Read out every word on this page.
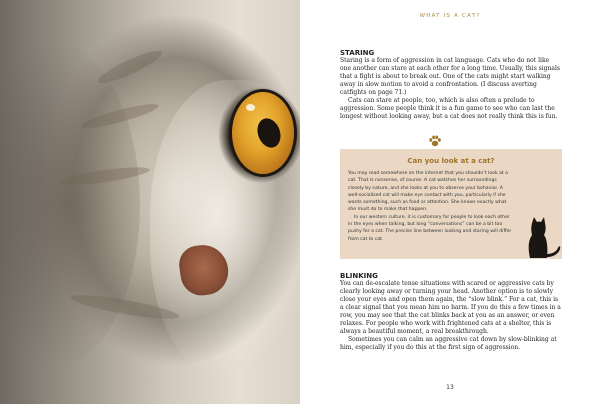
WHAT IS A CAT?
STARING

Staring is a form of aggression in cat language. Cats who do not like one another can stare at each other for a long time. Usually, this signals that a fight is about to break out. One of the cats might start walking away in slow motion to avoid a confrontation. (I discuss averting catfights on page 71.)

Cats can stare at people, too, which is also often a prelude to aggression. Some people think it is a fun game to see who can last the longest without looking away, but a cat does not really think this is fun.

Can you look at a cat?

You may read somewhere on the internet that you shouldn’t look at a cat. That is nonsense, of course. A cat watches her surroundings closely by nature, and she looks at you to observe your behavior. A well-socialized cat will make eye contact with you, particularly if she wants something, such as food or attention. She knows exactly what she must do to make that happen.

In our western culture, it is customary for people to look each other in the eyes when talking, but long “conversations” can be a bit too pushy for a cat. The precise line between looking and staring will differ from cat to cat.

BLINKING

You can de-escalate tense situations with scared or aggressive cats by clearly looking away or turning your head. Another option is to slowly close your eyes and open them again, the “slow blink.” For a cat, this is a clear signal that you mean him no harm. If you do this a few times in a row, you may see that the cat blinks back at you as an answer, or even relaxes. For people who work with frightened cats at a shelter, this is always a beautiful moment, a real breakthrough.

Sometimes you can calm an aggressive cat down by slow-blinking at him, especially if you do this at the first sign of aggression.

13
